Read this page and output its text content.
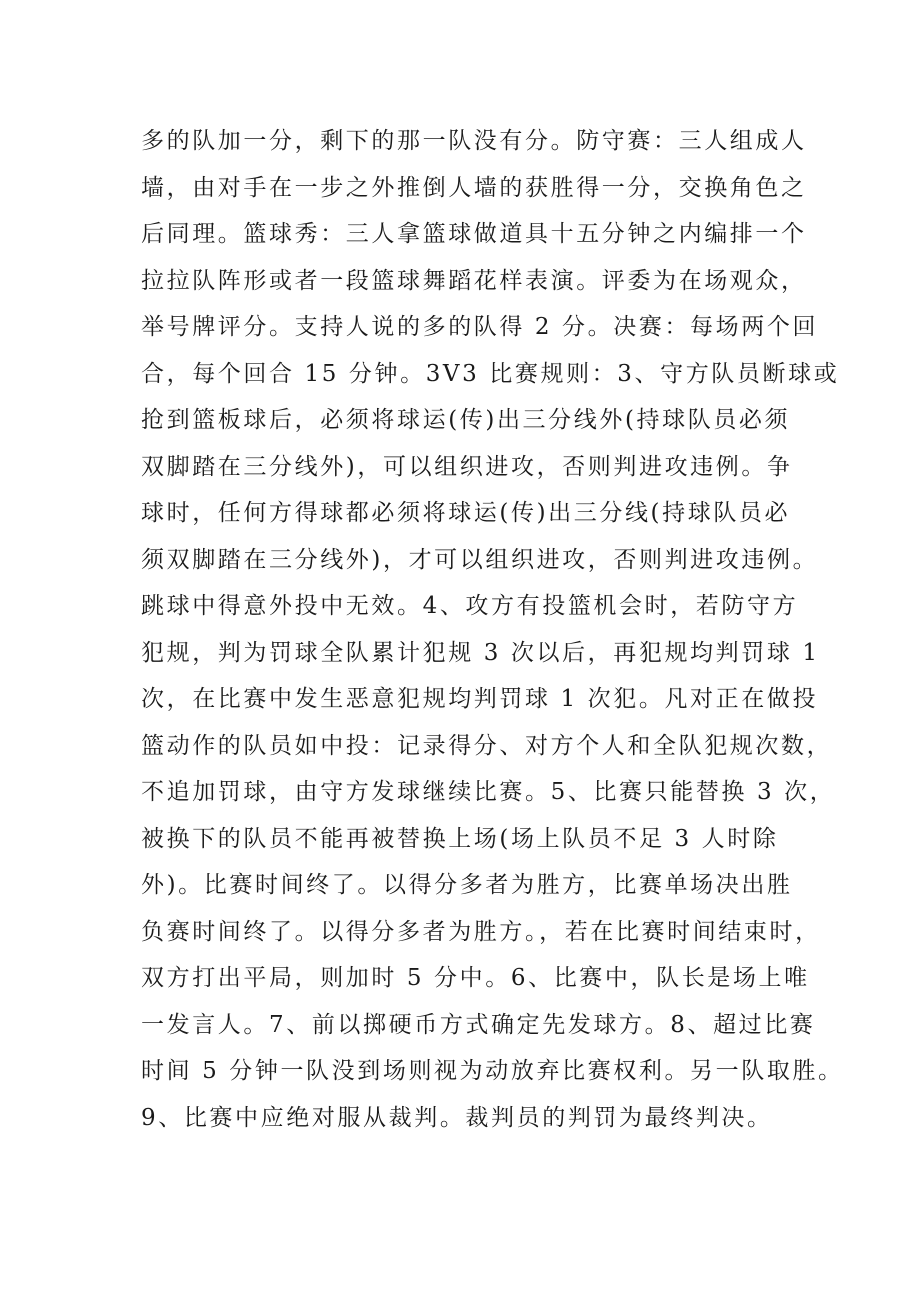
多的队加一分，剩下的那一队没有分。防守赛：三人组成人
墙，由对手在一步之外推倒人墙的获胜得一分，交换角色之
后同理。篮球秀：三人拿篮球做道具十五分钟之内编排一个
拉拉队阵形或者一段篮球舞蹈花样表演。评委为在场观众，
举号牌评分。支持人说的多的队得 2 分。决赛：每场两个回
合，每个回合 15 分钟。3V3 比赛规则：3、守方队员断球或
抢到篮板球后，必须将球运(传)出三分线外(持球队员必须
双脚踏在三分线外)，可以组织进攻，否则判进攻违例。争
球时，任何方得球都必须将球运(传)出三分线(持球队员必
须双脚踏在三分线外)，才可以组织进攻，否则判进攻违例。
跳球中得意外投中无效。4、攻方有投篮机会时，若防守方
犯规，判为罚球全队累计犯规 3 次以后，再犯规均判罚球 1
次，在比赛中发生恶意犯规均判罚球 1 次犯。凡对正在做投
篮动作的队员如中投：记录得分、对方个人和全队犯规次数，
不追加罚球，由守方发球继续比赛。5、比赛只能替换 3 次，
被换下的队员不能再被替换上场(场上队员不足 3 人时除
外)。比赛时间终了。以得分多者为胜方，比赛单场决出胜
负赛时间终了。以得分多者为胜方。，若在比赛时间结束时，
双方打出平局，则加时 5 分中。6、比赛中，队长是场上唯
一发言人。7、前以掷硬币方式确定先发球方。8、超过比赛
时间 5 分钟一队没到场则视为动放弃比赛权利。另一队取胜。
9、比赛中应绝对服从裁判。裁判员的判罚为最终判决。
